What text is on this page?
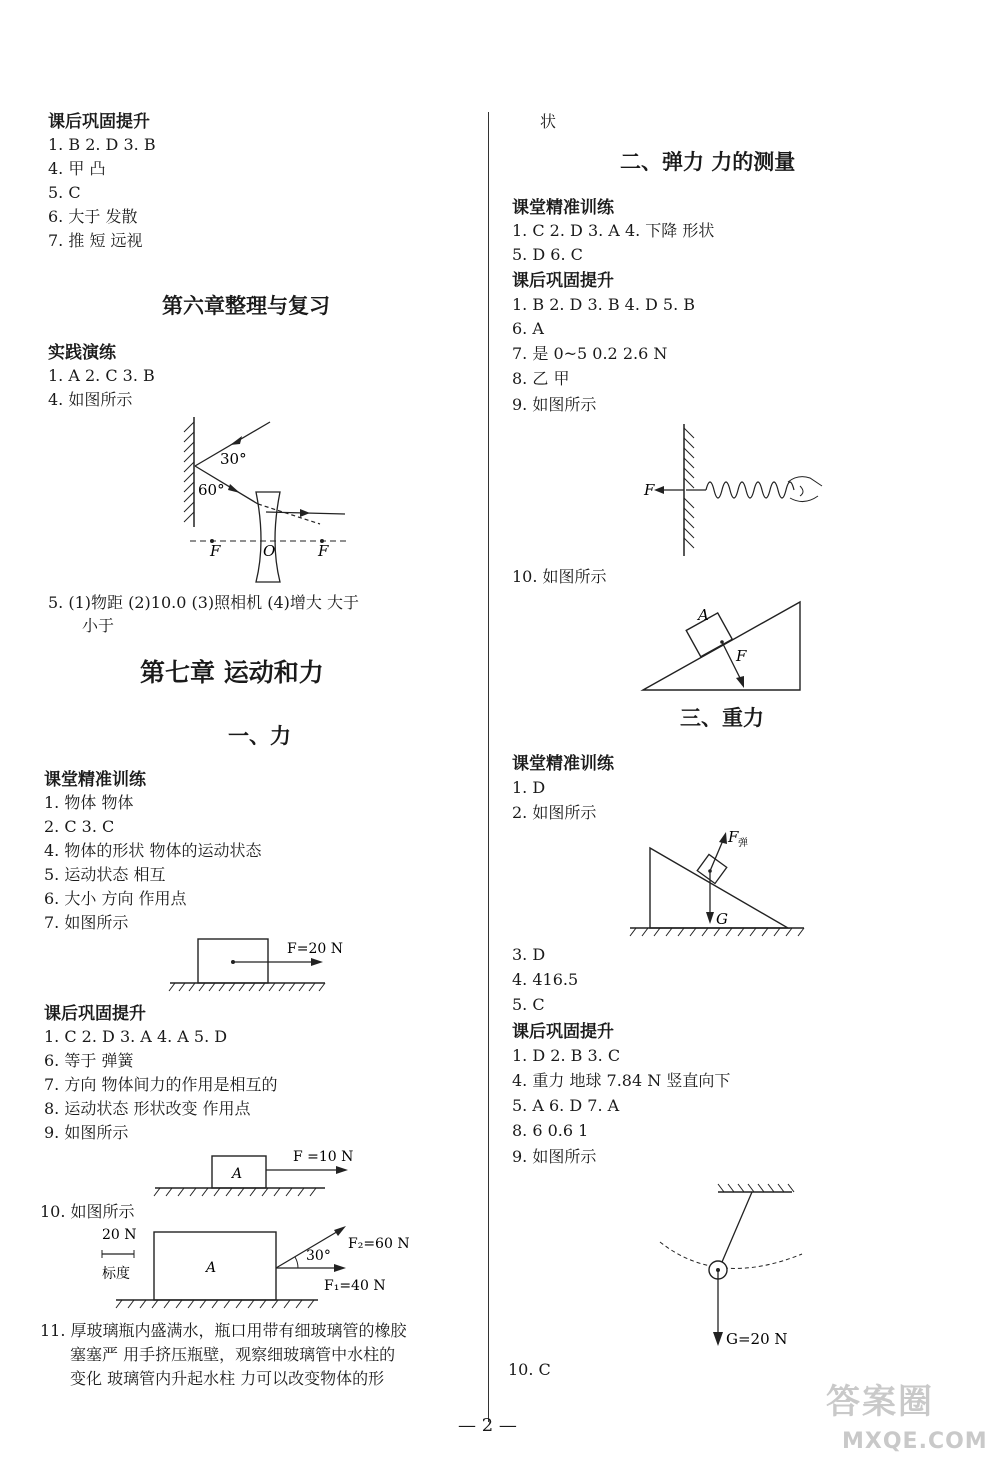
课后巩固提升
1. B 2. D 3. B
4. 甲 凸
5. C
6. 大于 发散
7. 推 短 远视
第六章整理与复习
实践演练
1. A 2. C 3. B
4. 如图所示
30°
60°
F	O	F
5. (1)物距 (2)10.0 (3)照相机 (4)增大 大于
小于
第七章 运动和力
一、力
课堂精准训练
1. 物体 物体
2. C 3. C
4. 物体的形状 物体的运动状态
5. 运动状态 相互
6. 大小 方向 作用点
7. 如图所示
F=20 N
课后巩固提升
1. C 2. D 3. A 4. A 5. D
6. 等于 弹簧
7. 方向 物体间力的作用是相互的
8. 运动状态 形状改变 作用点
9. 如图所示
A
F =10 N
10. 如图所示
20 N
标度	A
30°
F₂=60 N
F₁=40 N
11. 厚玻璃瓶内盛满水，瓶口用带有细玻璃管的橡胶
塞塞严 用手挤压瓶壁，观察细玻璃管中水柱的
变化 玻璃管内升起水柱 力可以改变物体的形
状
二、弹力 力的测量
课堂精准训练
1. C 2. D 3. A 4. 下降 形状
5. D 6. C
课后巩固提升
1. B 2. D 3. B 4. D 5. B
6. A
7. 是 0~5 0.2 2.6 N
8. 乙 甲
9. 如图所示
F
10. 如图所示
A
F
三、重力
课堂精准训练
1. D
2. 如图所示
G
F 弹
3. D
4. 416.5
5. C
课后巩固提升
1. D 2. B 3. C
4. 重力 地球 7.84 N 竖直向下
5. A 6. D 7. A
8. 6 0.6 1
9. 如图所示
G=20 N
10. C
— 2 —
答案圈
MXQE.COM
